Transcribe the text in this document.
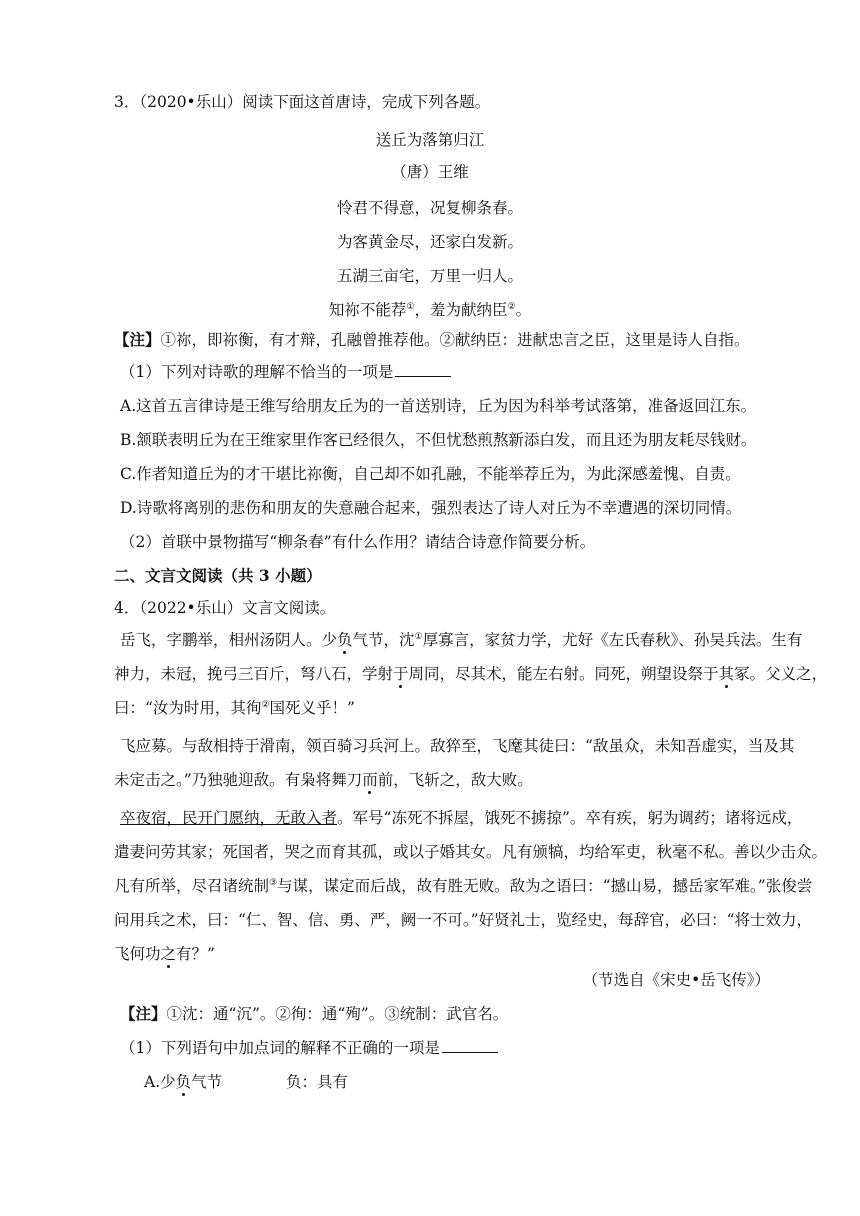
3．（2020•乐山）阅读下面这首唐诗，完成下列各题。
送丘为落第归江
（唐）王维
怜君不得意，况复柳条春。
为客黄金尽，还家白发新。
五湖三亩宅，万里一归人。
知祢不能荐①，羞为献纳臣②。
【注】①祢，即祢衡，有才辩，孔融曾推荐他。②献纳臣：进献忠言之臣，这里是诗人自指。
（1）下列对诗歌的理解不恰当的一项是
A.这首五言律诗是王维写给朋友丘为的一首送别诗，丘为因为科举考试落第，准备返回江东。
B.颔联表明丘为在王维家里作客已经很久，不但忧愁煎熬新添白发，而且还为朋友耗尽钱财。
C.作者知道丘为的才干堪比祢衡，自己却不如孔融，不能举荐丘为，为此深感羞愧、自责。
D.诗歌将离别的悲伤和朋友的失意融合起来，强烈表达了诗人对丘为不幸遭遇的深切同情。
（2）首联中景物描写“柳条春”有什么作用？请结合诗意作简要分析。
二、文言文阅读（共 3 小题）
4．（2022•乐山）文言文阅读。
岳飞，字鹏举，相州汤阴人。少负气节，沈①厚寡言，家贫力学，尤好《左氏春秋》、孙吴兵法。生有
神力，未冠，挽弓三百斤，弩八石，学射于周同，尽其术，能左右射。同死，朔望设祭于其冢。父义之，
曰：“汝为时用，其徇②国死义乎！”
飞应募。与敌相持于滑南，领百骑习兵河上。敌猝至，飞麾其徒曰：“敌虽众，未知吾虚实，当及其
未定击之。”乃独驰迎敌。有枭将舞刀而前，飞斩之，敌大败。
卒夜宿，民开门愿纳，无敢入者。军号“冻死不拆屋，饿死不掳掠”。卒有疾，躬为调药；诸将远戍，
遣妻问劳其家；死国者，哭之而育其孤，或以子婚其女。凡有颁犒，均给军吏，秋毫不私。善以少击众。
凡有所举，尽召诸统制③与谋，谋定而后战，故有胜无败。敌为之语曰：“撼山易，撼岳家军难。”张俊尝
问用兵之术，曰：“仁、智、信、勇、严，阙一不可。”好贤礼士，览经史，每辞官，必曰：“将士效力，
飞何功之有？”
（节选自《宋史•岳飞传》）
【注】①沈：通“沉”。②徇：通“殉”。③统制：武官名。
（1）下列语句中加点词的解释不正确的一项是
A.少负气节	负：具有
